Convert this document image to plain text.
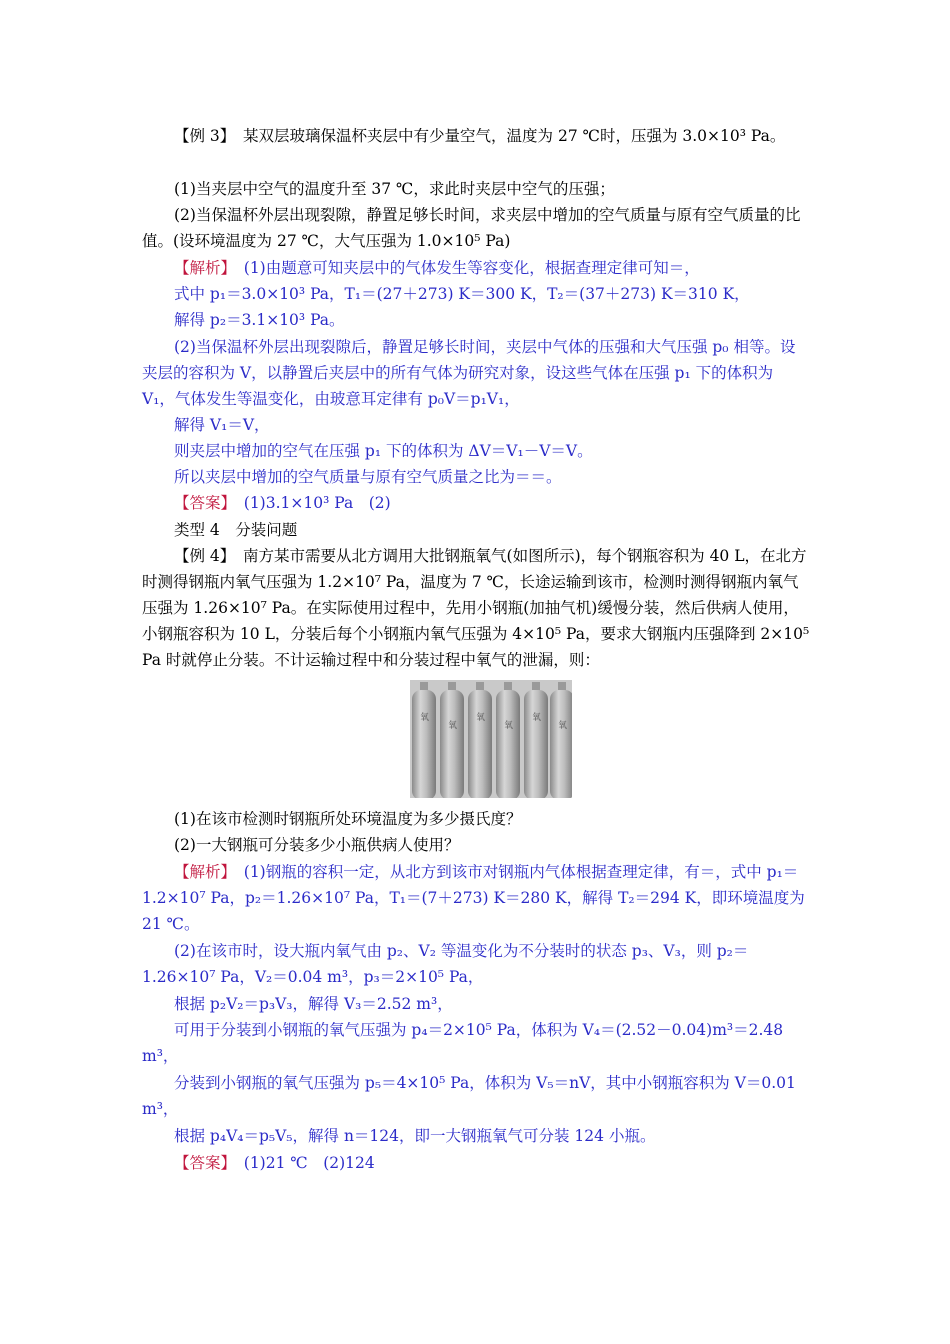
【例 3】　某双层玻璃保温杯夹层中有少量空气，温度为 27 ℃时，压强为 3.0×10³ Pa。
(1)当夹层中空气的温度升至 37 ℃，求此时夹层中空气的压强；
(2)当保温杯外层出现裂隙，静置足够长时间，求夹层中增加的空气质量与原有空气质量的比值。(设环境温度为 27 ℃，大气压强为 1.0×10⁵ Pa)
【解析】　(1)由题意可知夹层中的气体发生等容变化，根据查理定律可知＝，
式中 p₁＝3.0×10³ Pa，T₁＝(27＋273) K＝300 K，T₂＝(37＋273) K＝310 K，
解得 p₂＝3.1×10³ Pa。
(2)当保温杯外层出现裂隙后，静置足够长时间，夹层中气体的压强和大气压强 p₀ 相等。设夹层的容积为 V，以静置后夹层中的所有气体为研究对象，设这些气体在压强 p₁ 下的体积为 V₁，气体发生等温变化，由玻意耳定律有 p₀V＝p₁V₁，
解得 V₁＝V，
则夹层中增加的空气在压强 p₁ 下的体积为 ΔV＝V₁－V＝V。
所以夹层中增加的空气质量与原有空气质量之比为＝＝。
【答案】　(1)3.1×10³ Pa　(2)
类型 4　分装问题
【例 4】　南方某市需要从北方调用大批钢瓶氧气(如图所示)，每个钢瓶容积为 40 L，在北方时测得钢瓶内氧气压强为 1.2×10⁷ Pa，温度为 7 ℃，长途运输到该市，检测时测得钢瓶内氧气压强为 1.26×10⁷ Pa。在实际使用过程中，先用小钢瓶(加抽气机)缓慢分装，然后供病人使用，小钢瓶容积为 10 L，分装后每个小钢瓶内氧气压强为 4×10⁵ Pa，要求大钢瓶内压强降到 2×10⁵ Pa 时就停止分装。不计运输过程中和分装过程中氧气的泄漏，则：
氧
氧
氧
氧
氧
氧
(1)在该市检测时钢瓶所处环境温度为多少摄氏度？
(2)一大钢瓶可分装多少小瓶供病人使用？
【解析】　(1)钢瓶的容积一定，从北方到该市对钢瓶内气体根据查理定律，有＝，式中 p₁＝1.2×10⁷ Pa，p₂＝1.26×10⁷ Pa，T₁＝(7＋273) K＝280 K，解得 T₂＝294 K，即环境温度为 21 ℃。
(2)在该市时，设大瓶内氧气由 p₂、V₂ 等温变化为不分装时的状态 p₃、V₃，则 p₂＝1.26×10⁷ Pa，V₂＝0.04 m³，p₃＝2×10⁵ Pa，
根据 p₂V₂＝p₃V₃，解得 V₃＝2.52 m³，
可用于分装到小钢瓶的氧气压强为 p₄＝2×10⁵ Pa，体积为 V₄＝(2.52－0.04)m³＝2.48 m³，
分装到小钢瓶的氧气压强为 p₅＝4×10⁵ Pa，体积为 V₅＝nV，其中小钢瓶容积为 V＝0.01 m³，
根据 p₄V₄＝p₅V₅，解得 n＝124，即一大钢瓶氧气可分装 124 小瓶。
【答案】　(1)21 ℃　(2)124
